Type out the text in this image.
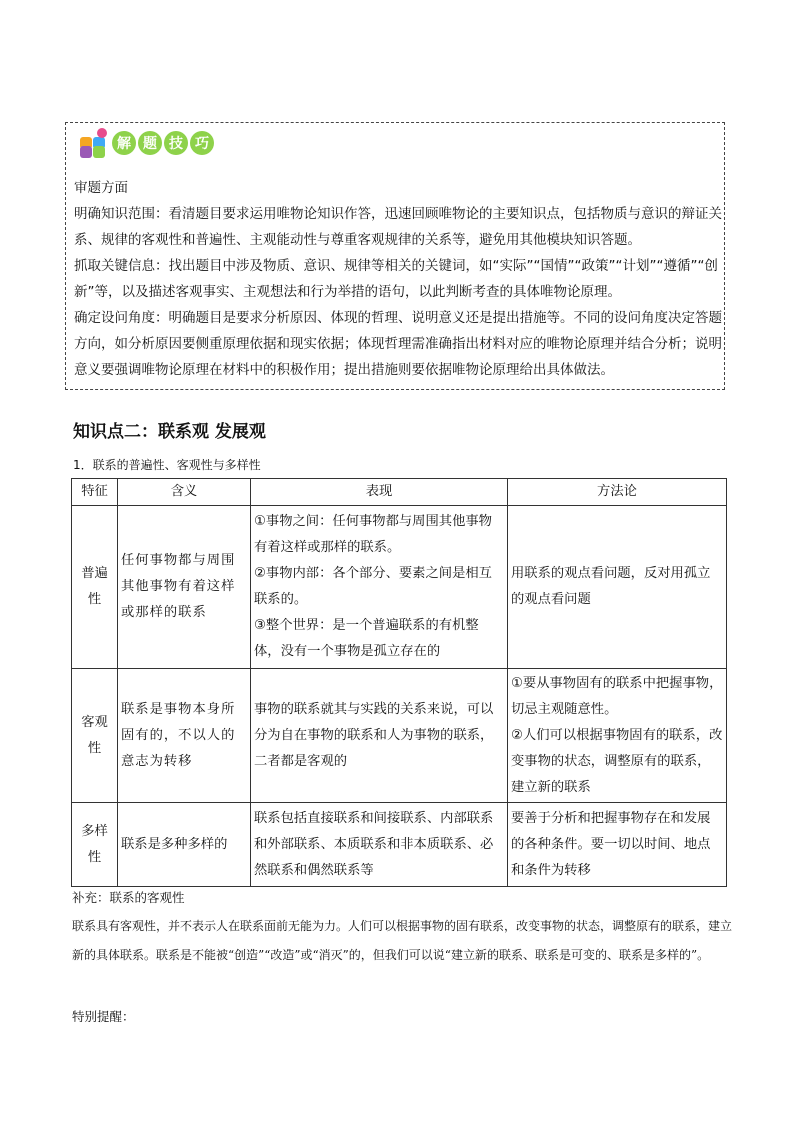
解 题 技 巧

审题方面

明确知识范围：看清题目要求运用唯物论知识作答，迅速回顾唯物论的主要知识点，包括物质与意识的辩证关系、规律的客观性和普遍性、主观能动性与尊重客观规律的关系等，避免用其他模块知识答题。

抓取关键信息：找出题目中涉及物质、意识、规律等相关的关键词，如“实际”“国情”“政策”“计划”“遵循”“创新”等，以及描述客观事实、主观想法和行为举措的语句，以此判断考查的具体唯物论原理。

确定设问角度：明确题目是要求分析原因、体现的哲理、说明意义还是提出措施等。不同的设问角度决定答题方向，如分析原因要侧重原理依据和现实依据；体现哲理需准确指出材料对应的唯物论原理并结合分析；说明意义要强调唯物论原理在材料中的积极作用；提出措施则要依据唯物论原理给出具体做法。

知识点二：联系观 发展观
1．联系的普遍性、客观性与多样性
特征	含义	表现	方法论
普遍性	任何事物都与周围其他事物有着这样或那样的联系	①事物之间：任何事物都与周围其他事物有着这样或那样的联系。
②事物内部：各个部分、要素之间是相互联系的。
③整个世界：是一个普遍联系的有机整体，没有一个事物是孤立存在的	用联系的观点看问题，反对用孤立的观点看问题

客观性	联系是事物本身所固有的，不以人的意志为转移	事物的联系就其与实践的关系来说，可以分为自在事物的联系和人为事物的联系，二者都是客观的	①要从事物固有的联系中把握事物，切忌主观随意性。
②人们可以根据事物固有的联系，改变事物的状态，调整原有的联系，建立新的联系

多样性	联系是多种多样的	联系包括直接联系和间接联系、内部联系和外部联系、本质联系和非本质联系、必然联系和偶然联系等	要善于分析和把握事物存在和发展的各种条件。要一切以时间、地点和条件为转移
补充：联系的客观性
联系具有客观性，并不表示人在联系面前无能为力。人们可以根据事物的固有联系，改变事物的状态，调整原有的联系，建立新的具体联系。联系是不能被“创造”“改造”或“消灭”的，但我们可以说“建立新的联系、联系是可变的、联系是多样的”。
特别提醒：
